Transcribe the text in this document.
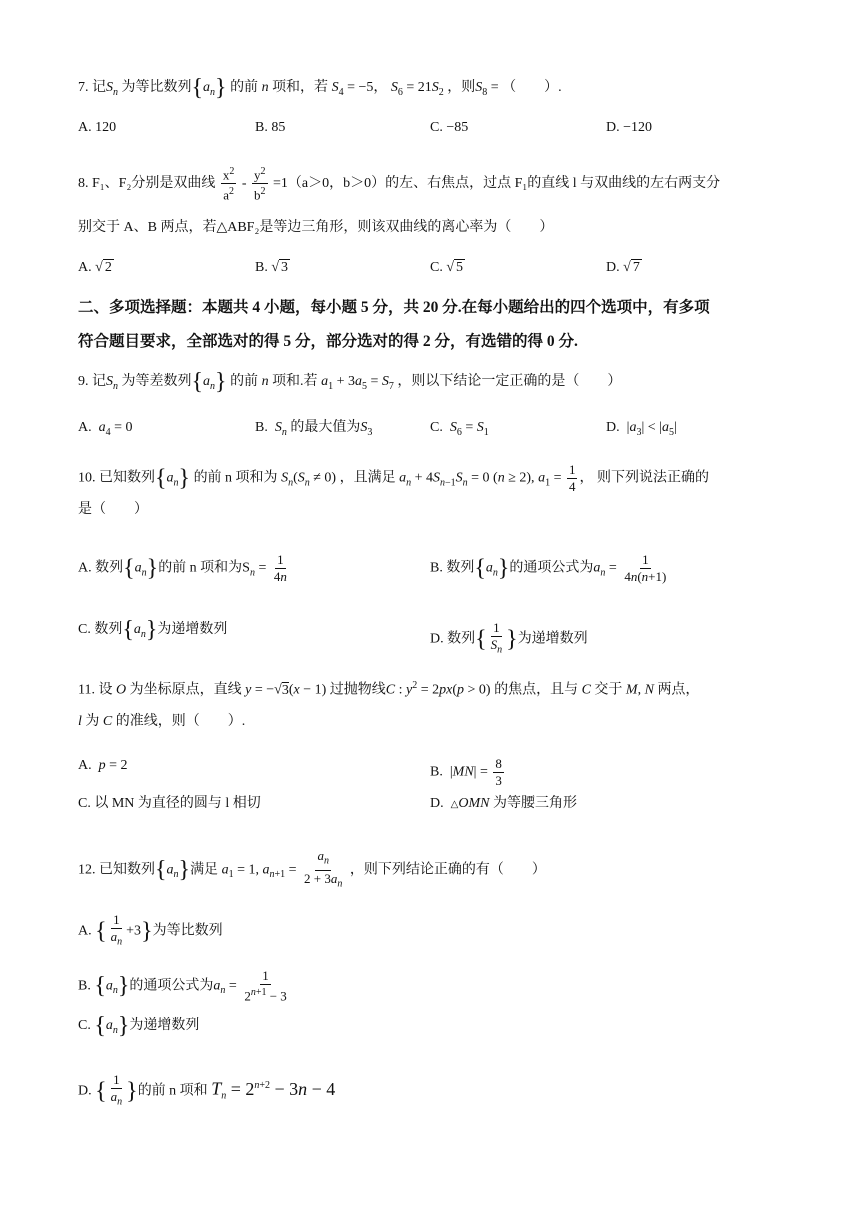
7. 记$S_n$ 为等比数列$\{a_n\}$ 的前 n 项和，若 $S_4 = -5$， $S_6 = 21S_2$ ，则$S_8$ = （　　）.
A. 120	B. 85	C. −85	D. −120
8. F₁、F₂分别是双曲线 $\frac{x^2}{a^2} - \frac{y^2}{b^2} =1(a>0$，b＞0）的左、右焦点，过点 F₁的直线 l 与双曲线的左右两支分
别交于 A、B 两点，若△ABF₂是等边三角形，则该双曲线的离心率为（　　）
A. √ 2	B. √ 3	C. √ 5	D. √ 7
二、多项选择题：本题共 4 小题，每小题 5 分，共 20 分.在每小题给出的四个选项中，有多项
符合题目要求，全部选对的得 5 分，部分选对的得 2 分，有选错的得 0 分.
9. 记$S_n$ 为等差数列$\{a_n\}$ 的前 n 项和.若 $a_1 + 3a_5 = S_7$ ，则以下结论一定正确的是（　　）
A. $a_4 = 0$	B. $S_n$ 的最大值为$S_3$	C. $S_6 = S_1$	D.  $|a_3| < |a_5|$
10. 已知数列$\{a_n\}$ 的前 n 项和为 $S_n(S_n \ne 0)$ ，且满足 $a_n + 4S_{n-1}S_n = 0$ (n ≥ 2), $a_1 = \frac{1}{4}$ ， 则下列说法正确的
是（　　）
A. 数列$\{a_n\}$的前 n 项和为$S_n = \frac{1}{4n}$	B. 数列$\{a_n\}$的通项公式为$a_n = \frac{1}{4n(n+1)}$
C. 数列$\{a_n\}$为递增数列
D. 数列{ $\frac{1}{S_n}$ }为递增数列
11. 设 O 为坐标原点，直线 y = −√3(x − 1) 过抛物线C : $y^2 = 2px(p > 0)$ 的焦点，且与 C 交于 M, N 两点，
l 为 C 的准线，则（　　）.
A. p = 2	B.  $|MN| = \frac{8}{3}$
C. 以 MN 为直径的圆与 l 相切	D. △OMN 为等腰三角形
12. 已知数列$\{a_n\}$满足 $a_1 = 1$, $a_{n+1} = \frac{a_n}{2 + 3a_n}$ ，则下列结论正确的有（　　）
A. { $\frac{1}{a_n} +3$}为等比数列
B. $\{a_n\}$的通项公式为$a_n = \frac{1}{2^{n+1} - 3}$
C. $\{a_n\}$为递增数列
D. { $\frac{1}{a_n}$ }的前 n 项和 $T_n = 2^{n+2} - 3n - 4$
